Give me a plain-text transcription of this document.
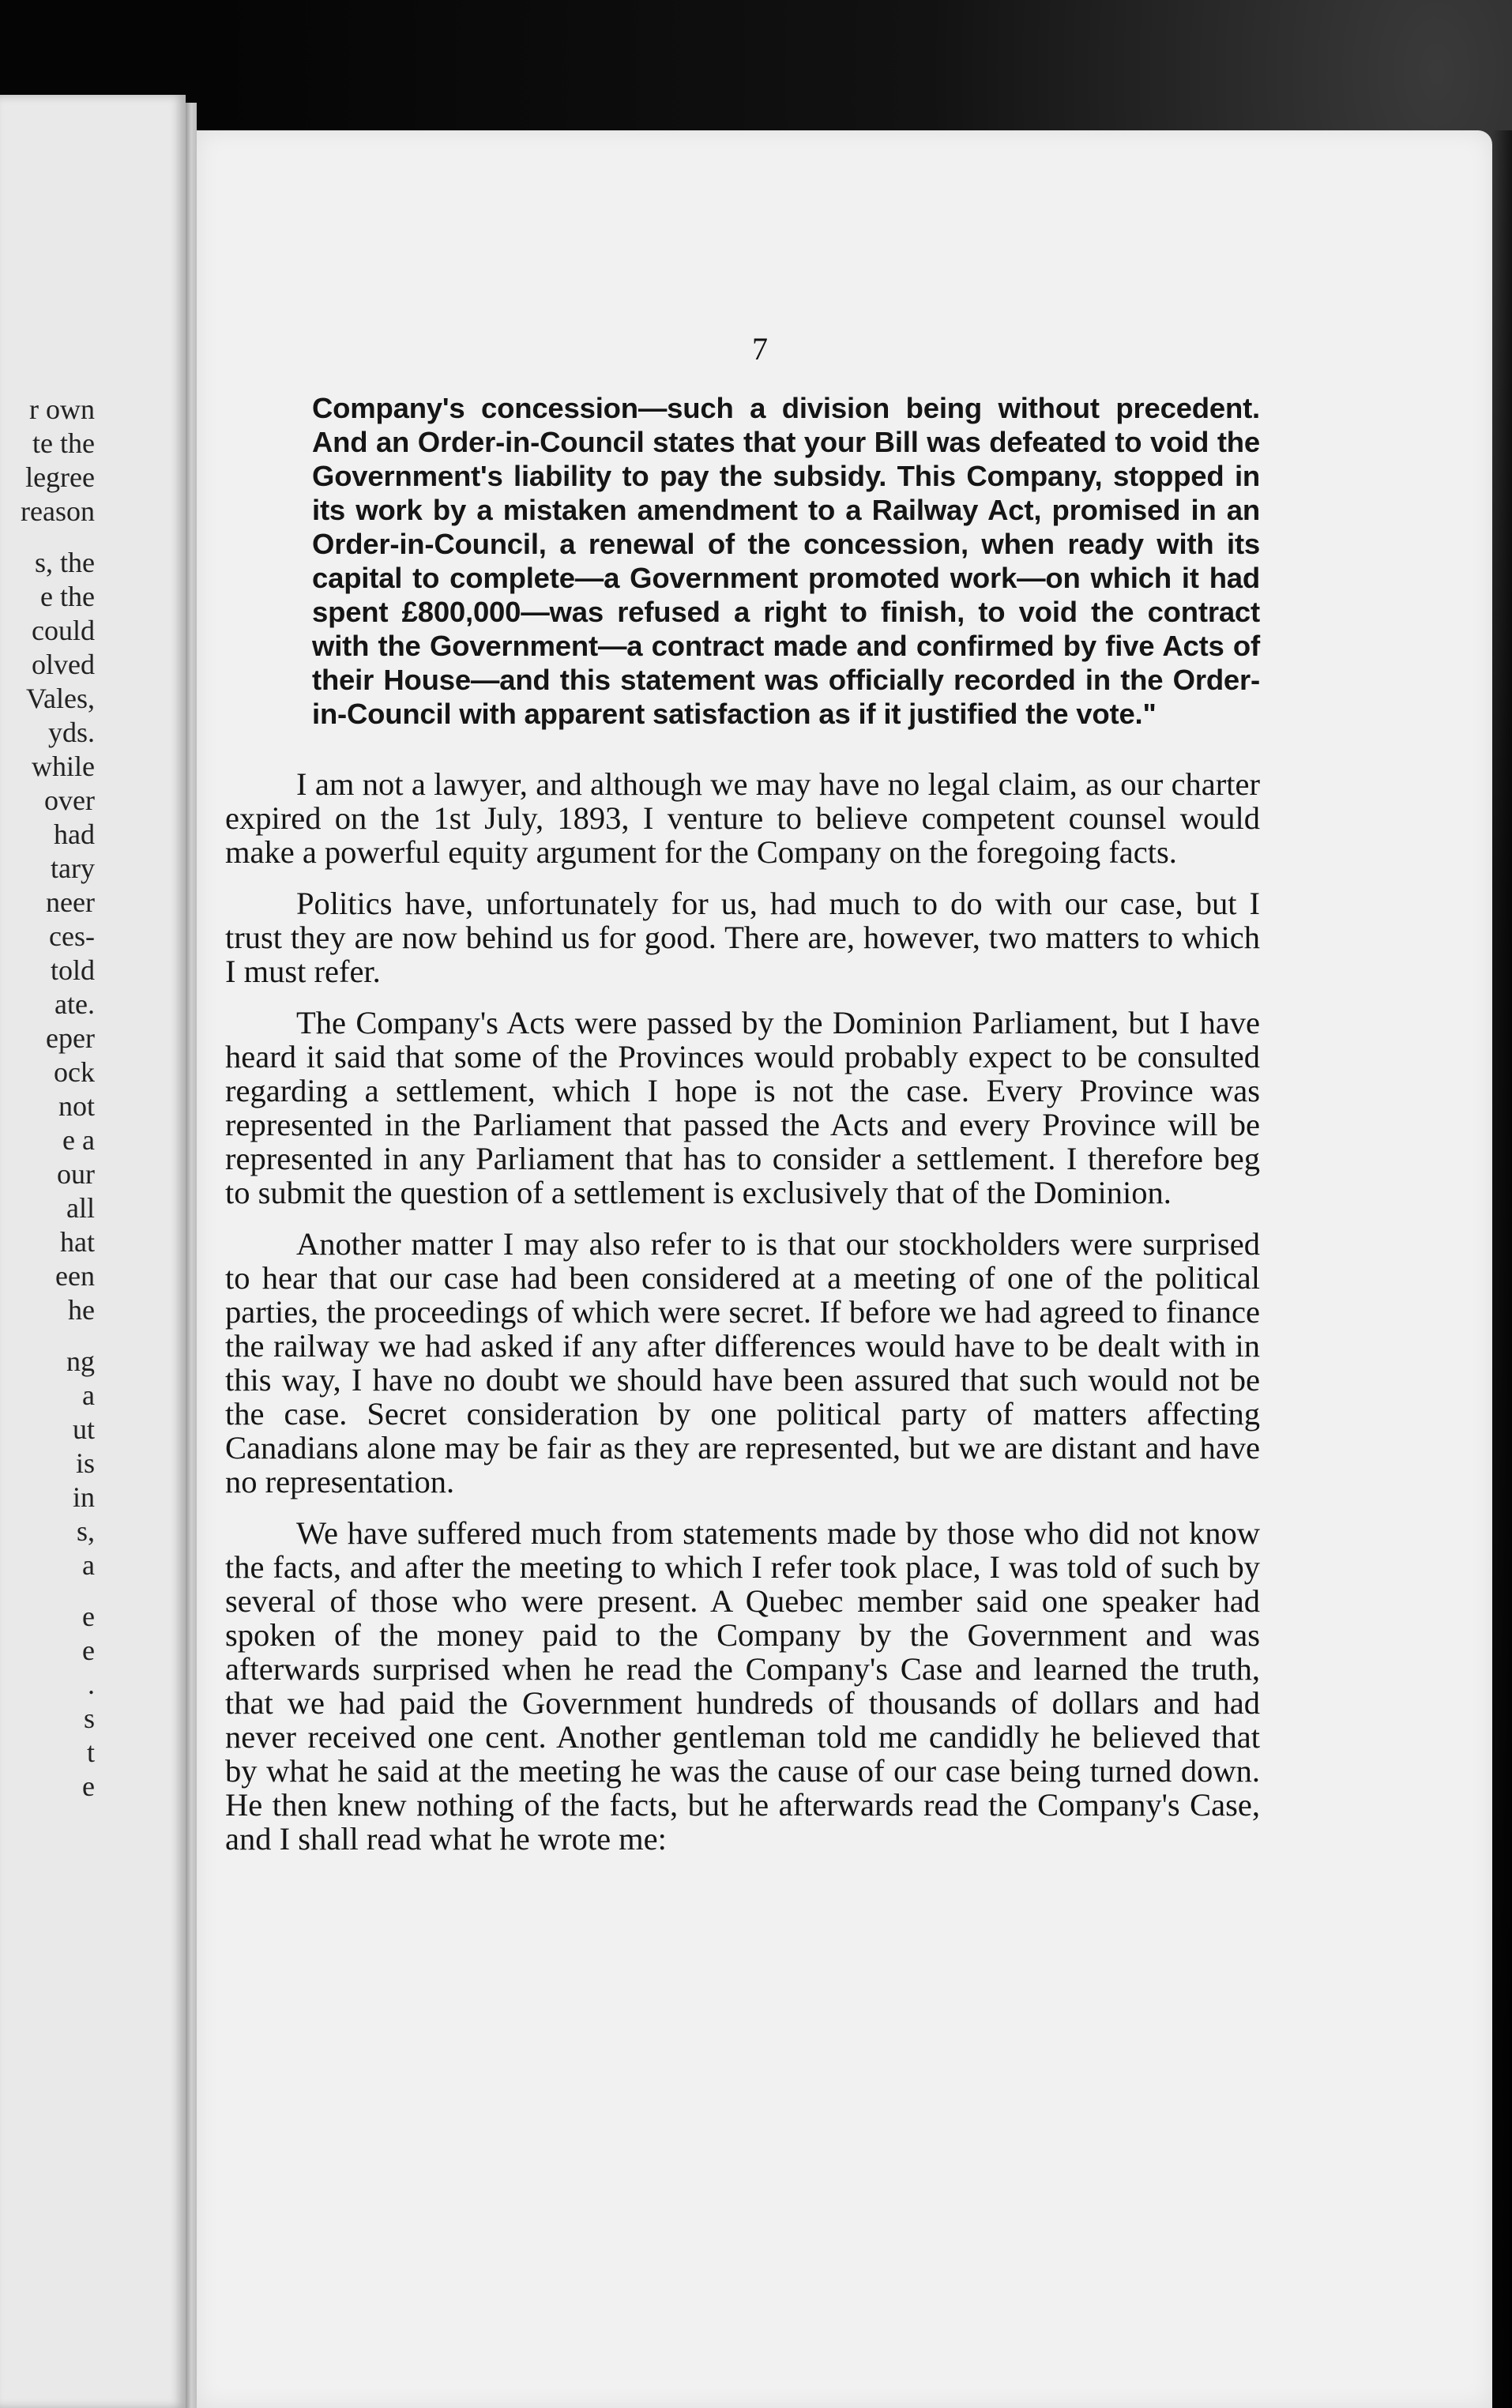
r own
te the
legree
reason
s, the
e the
could
olved
Vales,
yds.
while
over
had
tary
neer
ces-
told
ate.
eper
ock
not
e a
our
all
hat
een
he
ng
a
ut
is
in
s,
a
e
e
.
s
t
e
7

Company's concession—such a division being without precedent. And an Order-in-Council states that your Bill was defeated to void the Government's liability to pay the subsidy. This Company, stopped in its work by a mistaken amendment to a Railway Act, promised in an Order-in-Council, a renewal of the concession, when ready with its capital to complete—a Government promoted work—on which it had spent £800,000—was refused a right to finish, to void the contract with the Government—a contract made and confirmed by five Acts of their House—and this statement was officially recorded in the Order-in-Council with apparent satisfaction as if it justified the vote."

I am not a lawyer, and although we may have no legal claim, as our charter expired on the 1st July, 1893, I venture to believe competent counsel would make a powerful equity argument for the Company on the foregoing facts.

Politics have, unfortunately for us, had much to do with our case, but I trust they are now behind us for good. There are, however, two matters to which I must refer.

The Company's Acts were passed by the Dominion Parliament, but I have heard it said that some of the Provinces would probably expect to be consulted regarding a settlement, which I hope is not the case. Every Province was represented in the Parliament that passed the Acts and every Province will be represented in any Parliament that has to consider a settlement. I therefore beg to submit the question of a settlement is exclusively that of the Dominion.

Another matter I may also refer to is that our stockholders were surprised to hear that our case had been considered at a meeting of one of the political parties, the proceedings of which were secret. If before we had agreed to finance the railway we had asked if any after differences would have to be dealt with in this way, I have no doubt we should have been assured that such would not be the case. Secret consideration by one political party of matters affecting Canadians alone may be fair as they are represented, but we are distant and have no representation.

We have suffered much from statements made by those who did not know the facts, and after the meeting to which I refer took place, I was told of such by several of those who were present. A Quebec member said one speaker had spoken of the money paid to the Company by the Government and was afterwards surprised when he read the Company's Case and learned the truth, that we had paid the Government hundreds of thousands of dollars and had never received one cent. Another gentleman told me candidly he believed that by what he said at the meeting he was the cause of our case being turned down. He then knew nothing of the facts, but he afterwards read the Company's Case, and I shall read what he wrote me:
